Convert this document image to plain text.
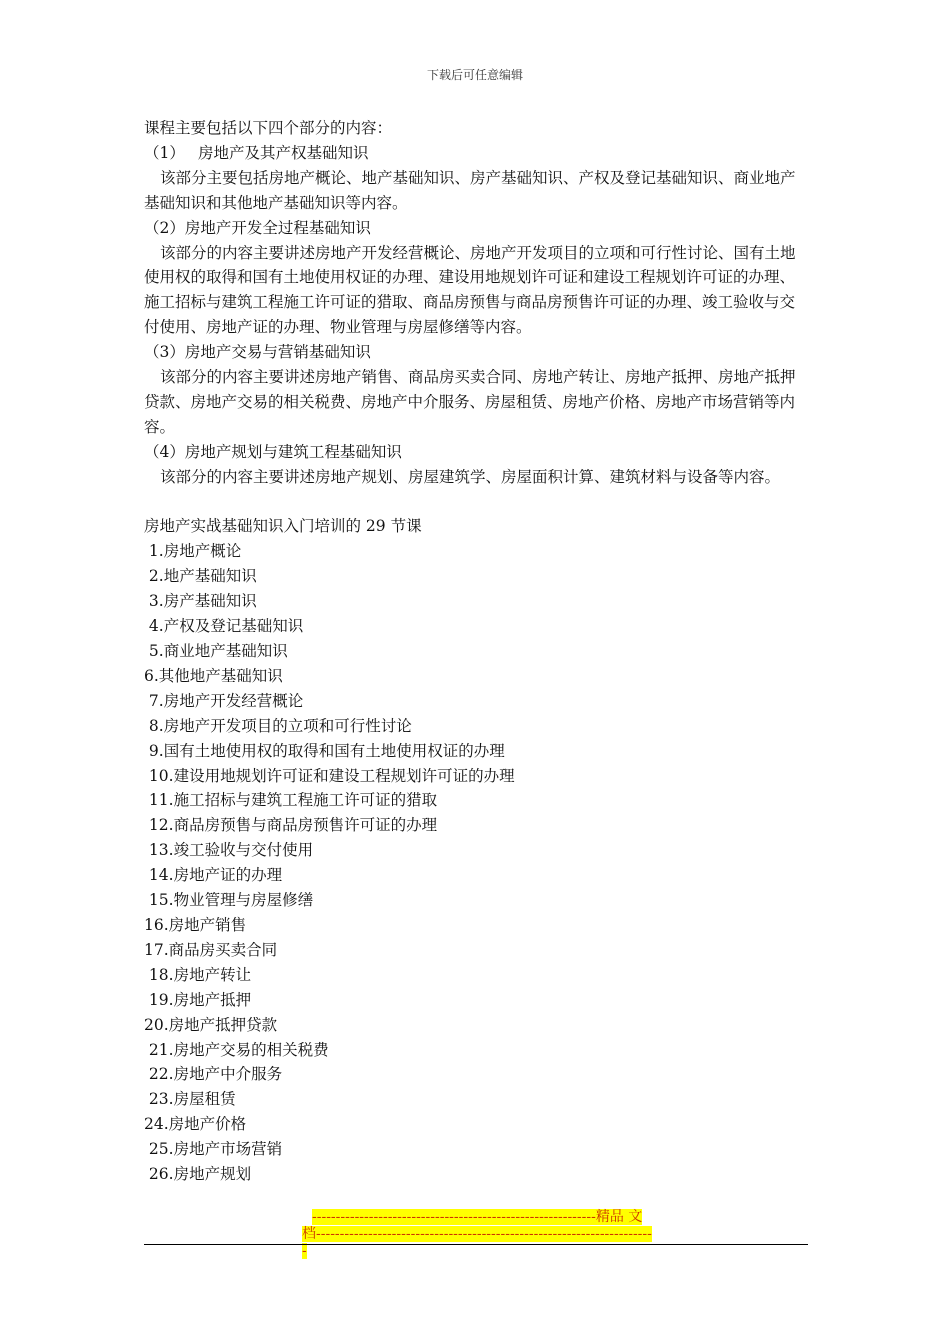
下载后可任意编辑

课程主要包括以下四个部分的内容：

（1） 房地产及其产权基础知识

该部分主要包括房地产概论、地产基础知识、房产基础知识、产权及登记基础知识、商业地产基础知识和其他地产基础知识等内容。

（2）房地产开发全过程基础知识

该部分的内容主要讲述房地产开发经营概论、房地产开发项目的立项和可行性讨论、国有土地使用权的取得和国有土地使用权证的办理、建设用地规划许可证和建设工程规划许可证的办理、施工招标与建筑工程施工许可证的猎取、商品房预售与商品房预售许可证的办理、竣工验收与交付使用、房地产证的办理、物业管理与房屋修缮等内容。

（3）房地产交易与营销基础知识

该部分的内容主要讲述房地产销售、商品房买卖合同、房地产转让、房地产抵押、房地产抵押贷款、房地产交易的相关税费、房地产中介服务、房屋租赁、房地产价格、房地产市场营销等内容。

（4）房地产规划与建筑工程基础知识

该部分的内容主要讲述房地产规划、房屋建筑学、房屋面积计算、建筑材料与设备等内容。

房地产实战基础知识入门培训的 29 节课

1.房地产概论

2.地产基础知识

3.房产基础知识

4.产权及登记基础知识

5.商业地产基础知识

6.其他地产基础知识

7.房地产开发经营概论

8.房地产开发项目的立项和可行性讨论

9.国有土地使用权的取得和国有土地使用权证的办理

10.建设用地规划许可证和建设工程规划许可证的办理

11.施工招标与建筑工程施工许可证的猎取

12.商品房预售与商品房预售许可证的办理

13.竣工验收与交付使用

14.房地产证的办理

15.物业管理与房屋修缮

16.房地产销售

17.商品房买卖合同

18.房地产转让

19.房地产抵押

20.房地产抵押贷款

21.房地产交易的相关税费

22.房地产中介服务

23.房屋租赁

24.房地产价格

25.房地产市场营销

26.房地产规划

------------------------------------------------------------精品 文
档------------------------------------------------------------------------
